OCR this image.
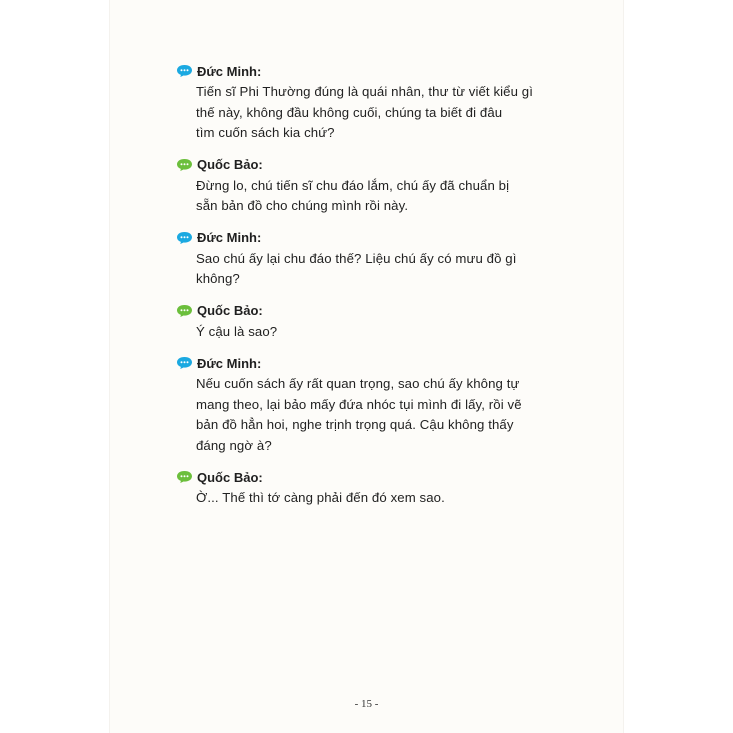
Đức Minh:
Tiến sĩ Phi Thường đúng là quái nhân, thư từ viết kiểu gì
thế này, không đầu không cuối, chúng ta biết đi đâu
tìm cuốn sách kia chứ?
Quốc Bảo:
Đừng lo, chú tiến sĩ chu đáo lắm, chú ấy đã chuẩn bị
sẵn bản đồ cho chúng mình rồi này.
Đức Minh:
Sao chú ấy lại chu đáo thế? Liệu chú ấy có mưu đồ gì
không?
Quốc Bảo:
Ý cậu là sao?
Đức Minh:
Nếu cuốn sách ấy rất quan trọng, sao chú ấy không tự
mang theo, lại bảo mấy đứa nhóc tụi mình đi lấy, rồi vẽ
bản đồ hẳn hoi, nghe trịnh trọng quá. Cậu không thấy
đáng ngờ à?
Quốc Bảo:
Ờ... Thế thì tớ càng phải đến đó xem sao.
- 15 -
